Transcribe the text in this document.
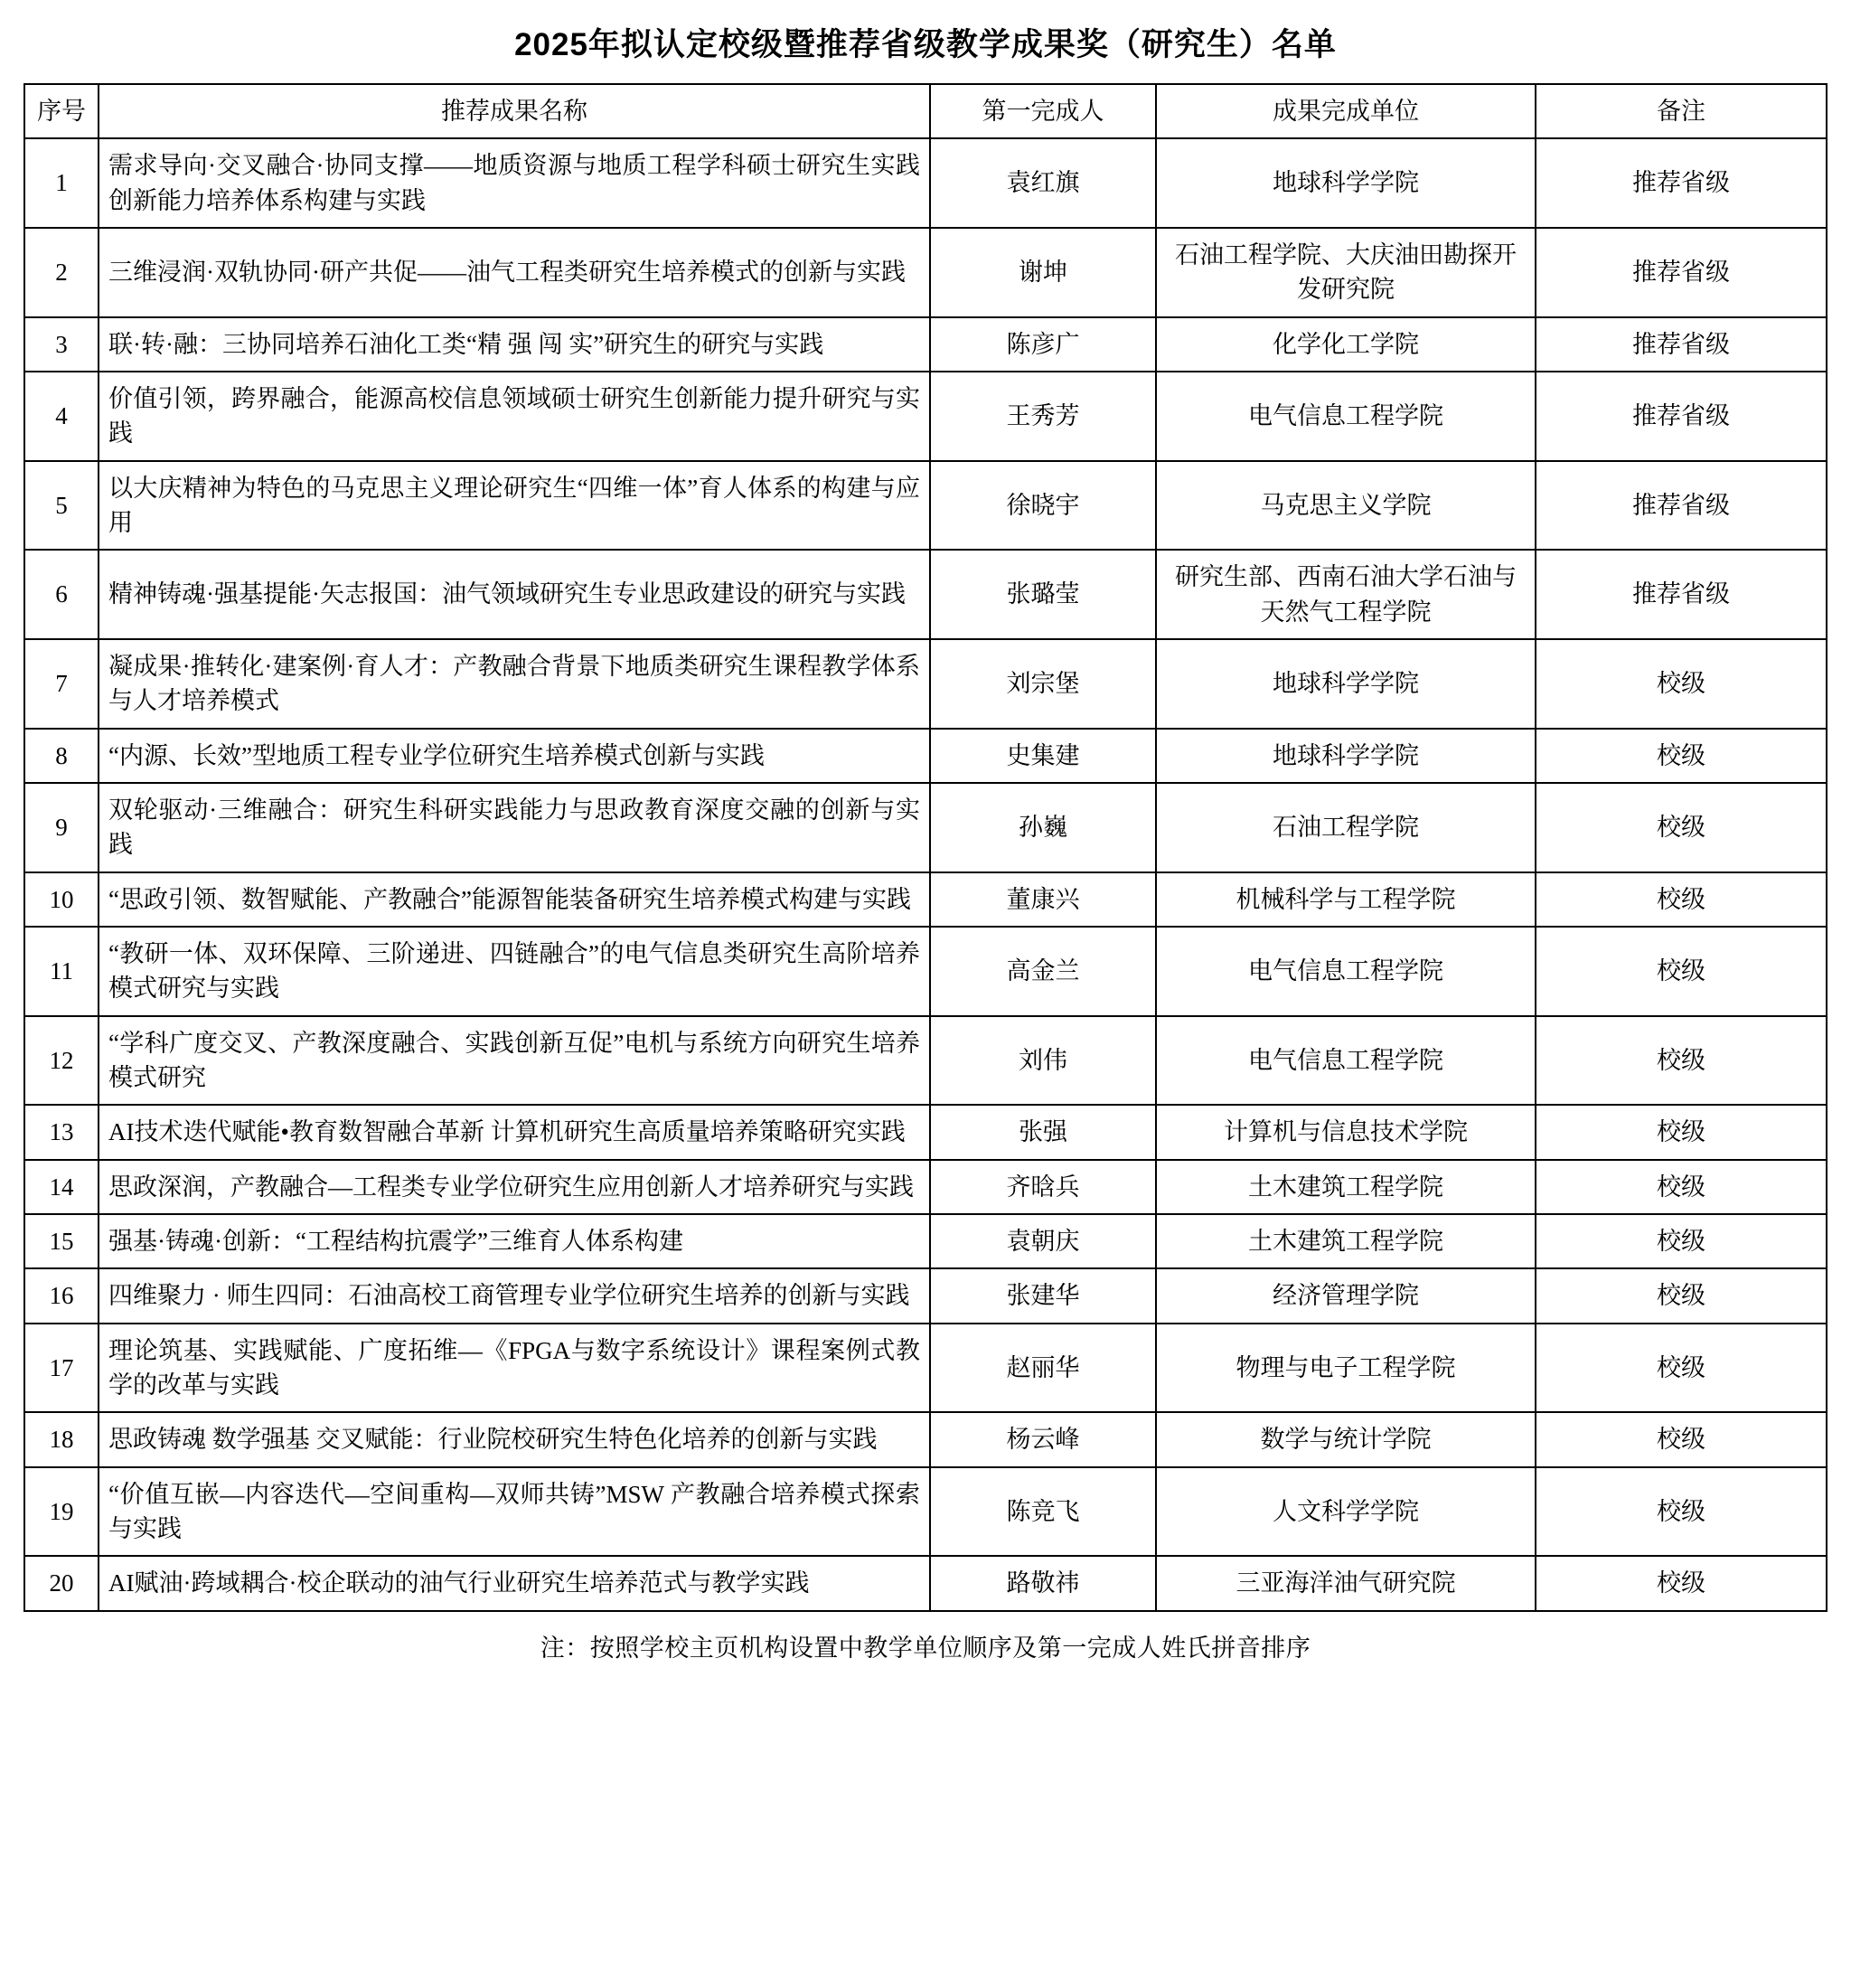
2025年拟认定校级暨推荐省级教学成果奖（研究生）名单
序号	推荐成果名称	第一完成人	成果完成单位	备注
1	需求导向·交叉融合·协同支撑——地质资源与地质工程学科硕士研究生实践创新能力培养体系构建与实践	袁红旗	地球科学学院	推荐省级
2	三维浸润·双轨协同·研产共促——油气工程类研究生培养模式的创新与实践	谢坤	石油工程学院、大庆油田勘探开发研究院	推荐省级
3	联·转·融：三协同培养石油化工类“精 强 闯 实”研究生的研究与实践	陈彦广	化学化工学院	推荐省级
4	价值引领，跨界融合，能源高校信息领域硕士研究生创新能力提升研究与实践	王秀芳	电气信息工程学院	推荐省级
5	以大庆精神为特色的马克思主义理论研究生“四维一体”育人体系的构建与应用	徐晓宇	马克思主义学院	推荐省级
6	精神铸魂·强基提能·矢志报国：油气领域研究生专业思政建设的研究与实践	张璐莹	研究生部、西南石油大学石油与天然气工程学院	推荐省级
7	凝成果·推转化·建案例·育人才：产教融合背景下地质类研究生课程教学体系与人才培养模式	刘宗堡	地球科学学院	校级
8	“内源、长效”型地质工程专业学位研究生培养模式创新与实践	史集建	地球科学学院	校级
9	双轮驱动·三维融合：研究生科研实践能力与思政教育深度交融的创新与实践	孙巍	石油工程学院	校级
10	“思政引领、数智赋能、产教融合”能源智能装备研究生培养模式构建与实践	董康兴	机械科学与工程学院	校级
11	“教研一体、双环保障、三阶递进、四链融合”的电气信息类研究生高阶培养模式研究与实践	高金兰	电气信息工程学院	校级
12	“学科广度交叉、产教深度融合、实践创新互促”电机与系统方向研究生培养模式研究	刘伟	电气信息工程学院	校级
13	AI技术迭代赋能•教育数智融合革新 计算机研究生高质量培养策略研究实践	张强	计算机与信息技术学院	校级
14	思政深润，产教融合—工程类专业学位研究生应用创新人才培养研究与实践	齐晗兵	土木建筑工程学院	校级
15	强基·铸魂·创新：“工程结构抗震学”三维育人体系构建	袁朝庆	土木建筑工程学院	校级
16	四维聚力 · 师生四同：石油高校工商管理专业学位研究生培养的创新与实践	张建华	经济管理学院	校级
17	理论筑基、实践赋能、广度拓维—《FPGA与数字系统设计》课程案例式教学的改革与实践	赵丽华	物理与电子工程学院	校级
18	思政铸魂 数学强基 交叉赋能：行业院校研究生特色化培养的创新与实践	杨云峰	数学与统计学院	校级
19	“价值互嵌—内容迭代—空间重构—双师共铸”MSW 产教融合培养模式探索与实践	陈竞飞	人文科学学院	校级
20	AI赋油·跨域耦合·校企联动的油气行业研究生培养范式与教学实践	路敬祎	三亚海洋油气研究院	校级
注：按照学校主页机构设置中教学单位顺序及第一完成人姓氏拼音排序
